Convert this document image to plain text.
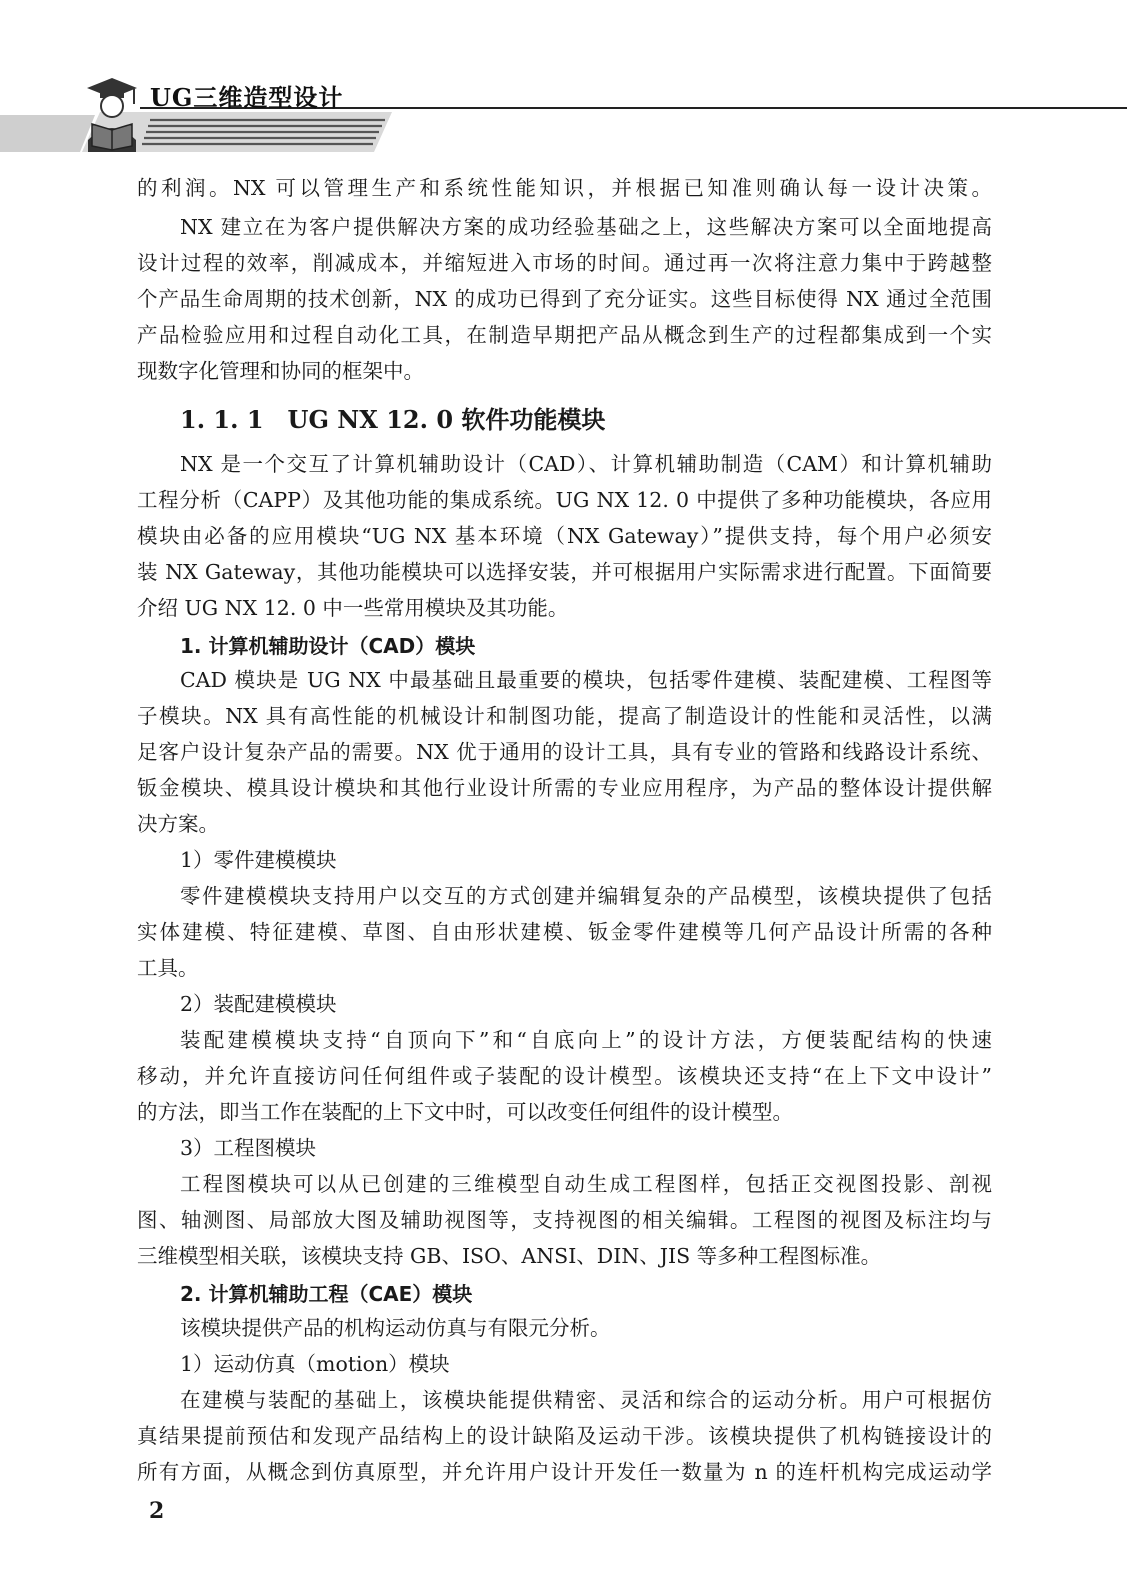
UG三维造型设计
的利润。NX 可以管理生产和系统性能知识，并根据已知准则确认每一设计决策。
NX 建立在为客户提供解决方案的成功经验基础之上，这些解决方案可以全面地提高
设计过程的效率，削减成本，并缩短进入市场的时间。通过再一次将注意力集中于跨越整
个产品生命周期的技术创新，NX 的成功已得到了充分证实。这些目标使得 NX 通过全范围
产品检验应用和过程自动化工具，在制造早期把产品从概念到生产的过程都集成到一个实
现数字化管理和协同的框架中。
1. 1. 1　UG NX 12. 0 软件功能模块
NX 是一个交互了计算机辅助设计（CAD）、计算机辅助制造（CAM）和计算机辅助
工程分析（CAPP）及其他功能的集成系统。UG NX 12. 0 中提供了多种功能模块，各应用
模块由必备的应用模块“UG NX 基本环境（NX Gateway）”提供支持，每个用户必须安
装 NX Gateway，其他功能模块可以选择安装，并可根据用户实际需求进行配置。下面简要
介绍 UG NX 12. 0 中一些常用模块及其功能。
1. 计算机辅助设计（CAD）模块
CAD 模块是 UG NX 中最基础且最重要的模块，包括零件建模、装配建模、工程图等
子模块。NX 具有高性能的机械设计和制图功能，提高了制造设计的性能和灵活性，以满
足客户设计复杂产品的需要。NX 优于通用的设计工具，具有专业的管路和线路设计系统、
钣金模块、模具设计模块和其他行业设计所需的专业应用程序，为产品的整体设计提供解
决方案。
1）零件建模模块
零件建模模块支持用户以交互的方式创建并编辑复杂的产品模型，该模块提供了包括
实体建模、特征建模、草图、自由形状建模、钣金零件建模等几何产品设计所需的各种
工具。
2）装配建模模块
装配建模模块支持“自顶向下”和“自底向上”的设计方法，方便装配结构的快速
移动，并允许直接访问任何组件或子装配的设计模型。该模块还支持“在上下文中设计”
的方法，即当工作在装配的上下文中时，可以改变任何组件的设计模型。
3）工程图模块
工程图模块可以从已创建的三维模型自动生成工程图样，包括正交视图投影、剖视
图、轴测图、局部放大图及辅助视图等，支持视图的相关编辑。工程图的视图及标注均与
三维模型相关联，该模块支持 GB、ISO、ANSI、DIN、JIS 等多种工程图标准。
2. 计算机辅助工程（CAE）模块
该模块提供产品的机构运动仿真与有限元分析。
1）运动仿真（motion）模块
在建模与装配的基础上，该模块能提供精密、灵活和综合的运动分析。用户可根据仿
真结果提前预估和发现产品结构上的设计缺陷及运动干涉。该模块提供了机构链接设计的
所有方面，从概念到仿真原型，并允许用户设计开发任一数量为 n 的连杆机构完成运动学
2
